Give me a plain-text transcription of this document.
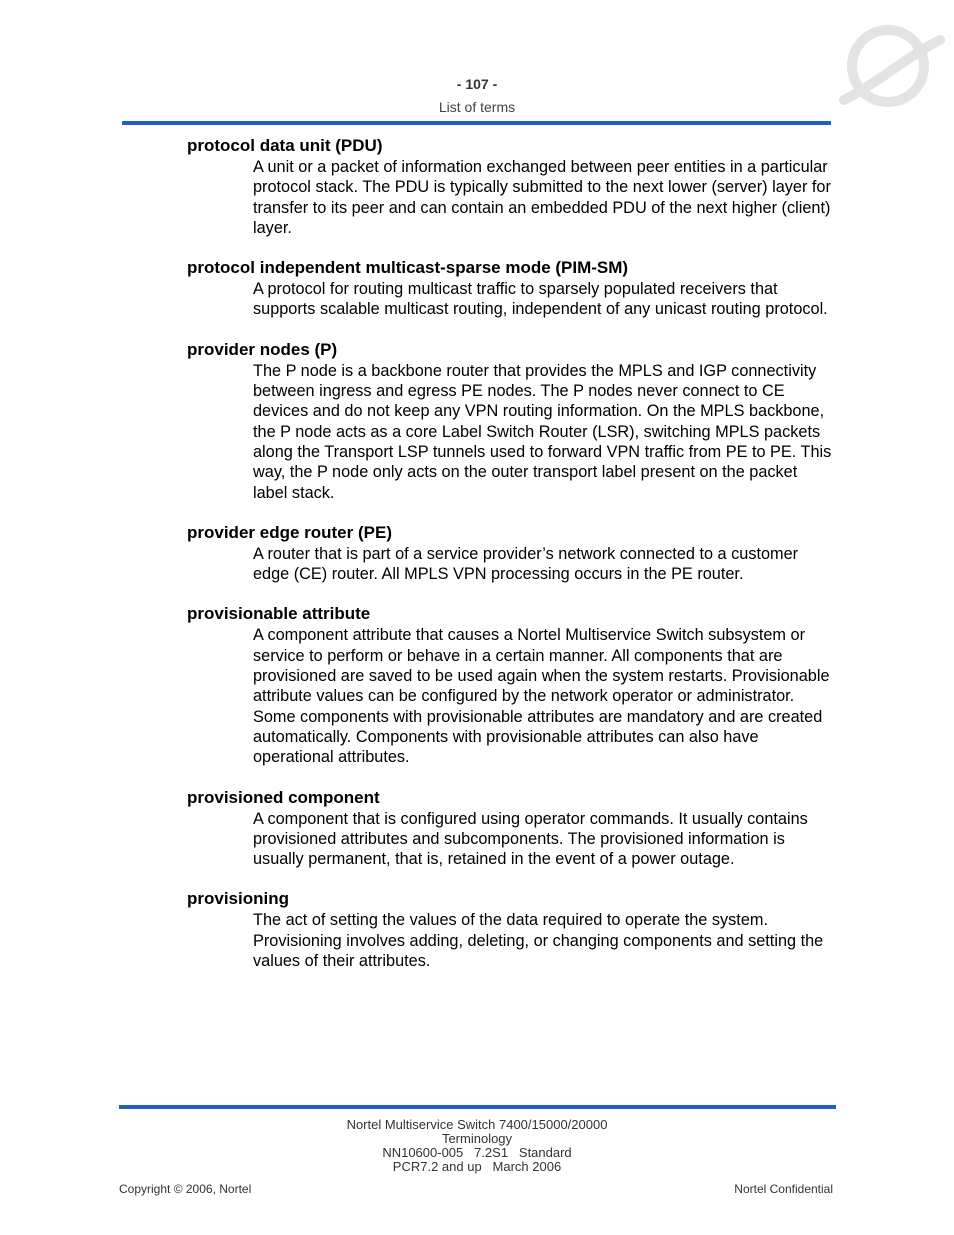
- 107 -
List of terms
protocol data unit (PDU)
A unit or a packet of information exchanged between peer entities in a particular protocol stack. The PDU is typically submitted to the next lower (server) layer for transfer to its peer and can contain an embedded PDU of the next higher (client) layer.
protocol independent multicast-sparse mode (PIM-SM)
A protocol for routing multicast traffic to sparsely populated receivers that supports scalable multicast routing, independent of any unicast routing protocol.
provider nodes (P)
The P node is a backbone router that provides the MPLS and IGP connectivity between ingress and egress PE nodes. The P nodes never connect to CE devices and do not keep any VPN routing information. On the MPLS backbone, the P node acts as a core Label Switch Router (LSR), switching MPLS packets along the Transport LSP tunnels used to forward VPN traffic from PE to PE. This way, the P node only acts on the outer transport label present on the packet label stack.
provider edge router (PE)
A router that is part of a service provider’s network connected to a customer edge (CE) router. All MPLS VPN processing occurs in the PE router.
provisionable attribute
A component attribute that causes a Nortel Multiservice Switch subsystem or service to perform or behave in a certain manner. All components that are provisioned are saved to be used again when the system restarts. Provisionable attribute values can be configured by the network operator or administrator. Some components with provisionable attributes are mandatory and are created automatically. Components with provisionable attributes can also have operational attributes.
provisioned component
A component that is configured using operator commands. It usually contains provisioned attributes and subcomponents. The provisioned information is usually permanent, that is, retained in the event of a power outage.
provisioning
The act of setting the values of the data required to operate the system. Provisioning involves adding, deleting, or changing components and setting the values of their attributes.
Nortel Multiservice Switch 7400/15000/20000
Terminology
NN10600-005   7.2S1   Standard
PCR7.2 and up   March 2006
Copyright © 2006, Nortel	Nortel Confidential
